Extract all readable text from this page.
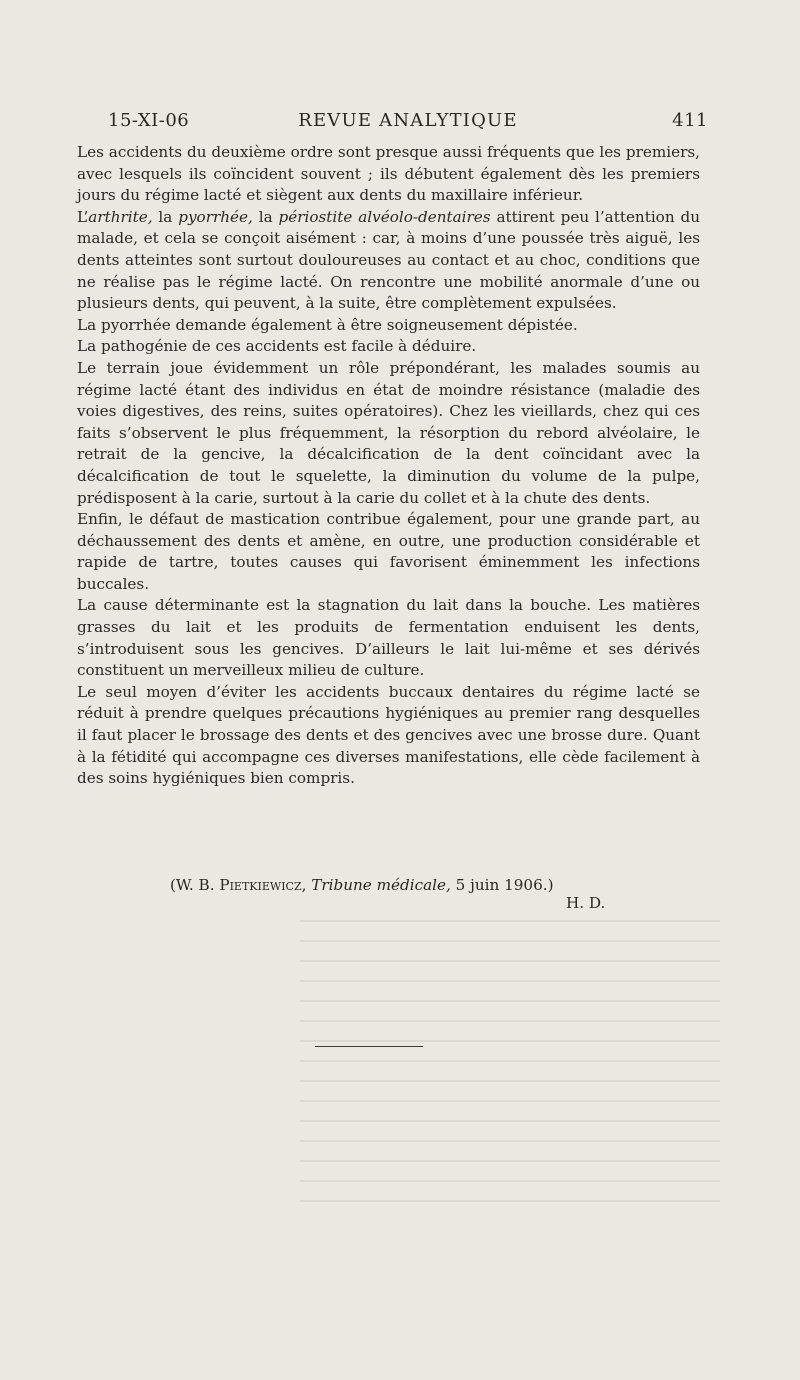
15-XI-06	REVUE ANALYTIQUE	411

Les accidents du deuxième ordre sont presque aussi fréquents que les premiers, avec lesquels ils coïncident souvent ; ils débutent également dès les premiers jours du régime lacté et siègent aux dents du maxillaire inférieur.

L’arthrite, la pyorrhée, la périostite alvéolo-dentaires attirent peu l’attention du malade, et cela se conçoit aisément : car, à moins d’une poussée très aiguë, les dents atteintes sont surtout douloureuses au contact et au choc, conditions que ne réalise pas le régime lacté. On rencontre une mobilité anormale d’une ou plusieurs dents, qui peuvent, à la suite, être complètement expulsées.

La pyorrhée demande également à être soigneusement dépistée.

La pathogénie de ces accidents est facile à déduire.

Le terrain joue évidemment un rôle prépondérant, les malades soumis au régime lacté étant des individus en état de moindre résistance (maladie des voies digestives, des reins, suites opératoires). Chez les vieillards, chez qui ces faits s’observent le plus fréquemment, la résorption du rebord alvéolaire, le retrait de la gencive, la décalcification de la dent coïncidant avec la décalcification de tout le squelette, la diminution du volume de la pulpe, prédisposent à la carie, surtout à la carie du collet et à la chute des dents.

Enfin, le défaut de mastication contribue également, pour une grande part, au déchaussement des dents et amène, en outre, une production considérable et rapide de tartre, toutes causes qui favorisent éminemment les infections buccales.

La cause déterminante est la stagnation du lait dans la bouche. Les matières grasses du lait et les produits de fermentation enduisent les dents, s’introduisent sous les gencives. D’ailleurs le lait lui-même et ses dérivés constituent un merveilleux milieu de culture.

Le seul moyen d’éviter les accidents buccaux dentaires du régime lacté se réduit à prendre quelques précautions hygiéniques au premier rang desquelles il faut placer le brossage des dents et des gencives avec une brosse dure. Quant à la fétidité qui accompagne ces diverses manifestations, elle cède facilement à des soins hygiéniques bien compris.

(W. B. Pietkiewicz, Tribune médicale, 5 juin 1906.)
H. D.
